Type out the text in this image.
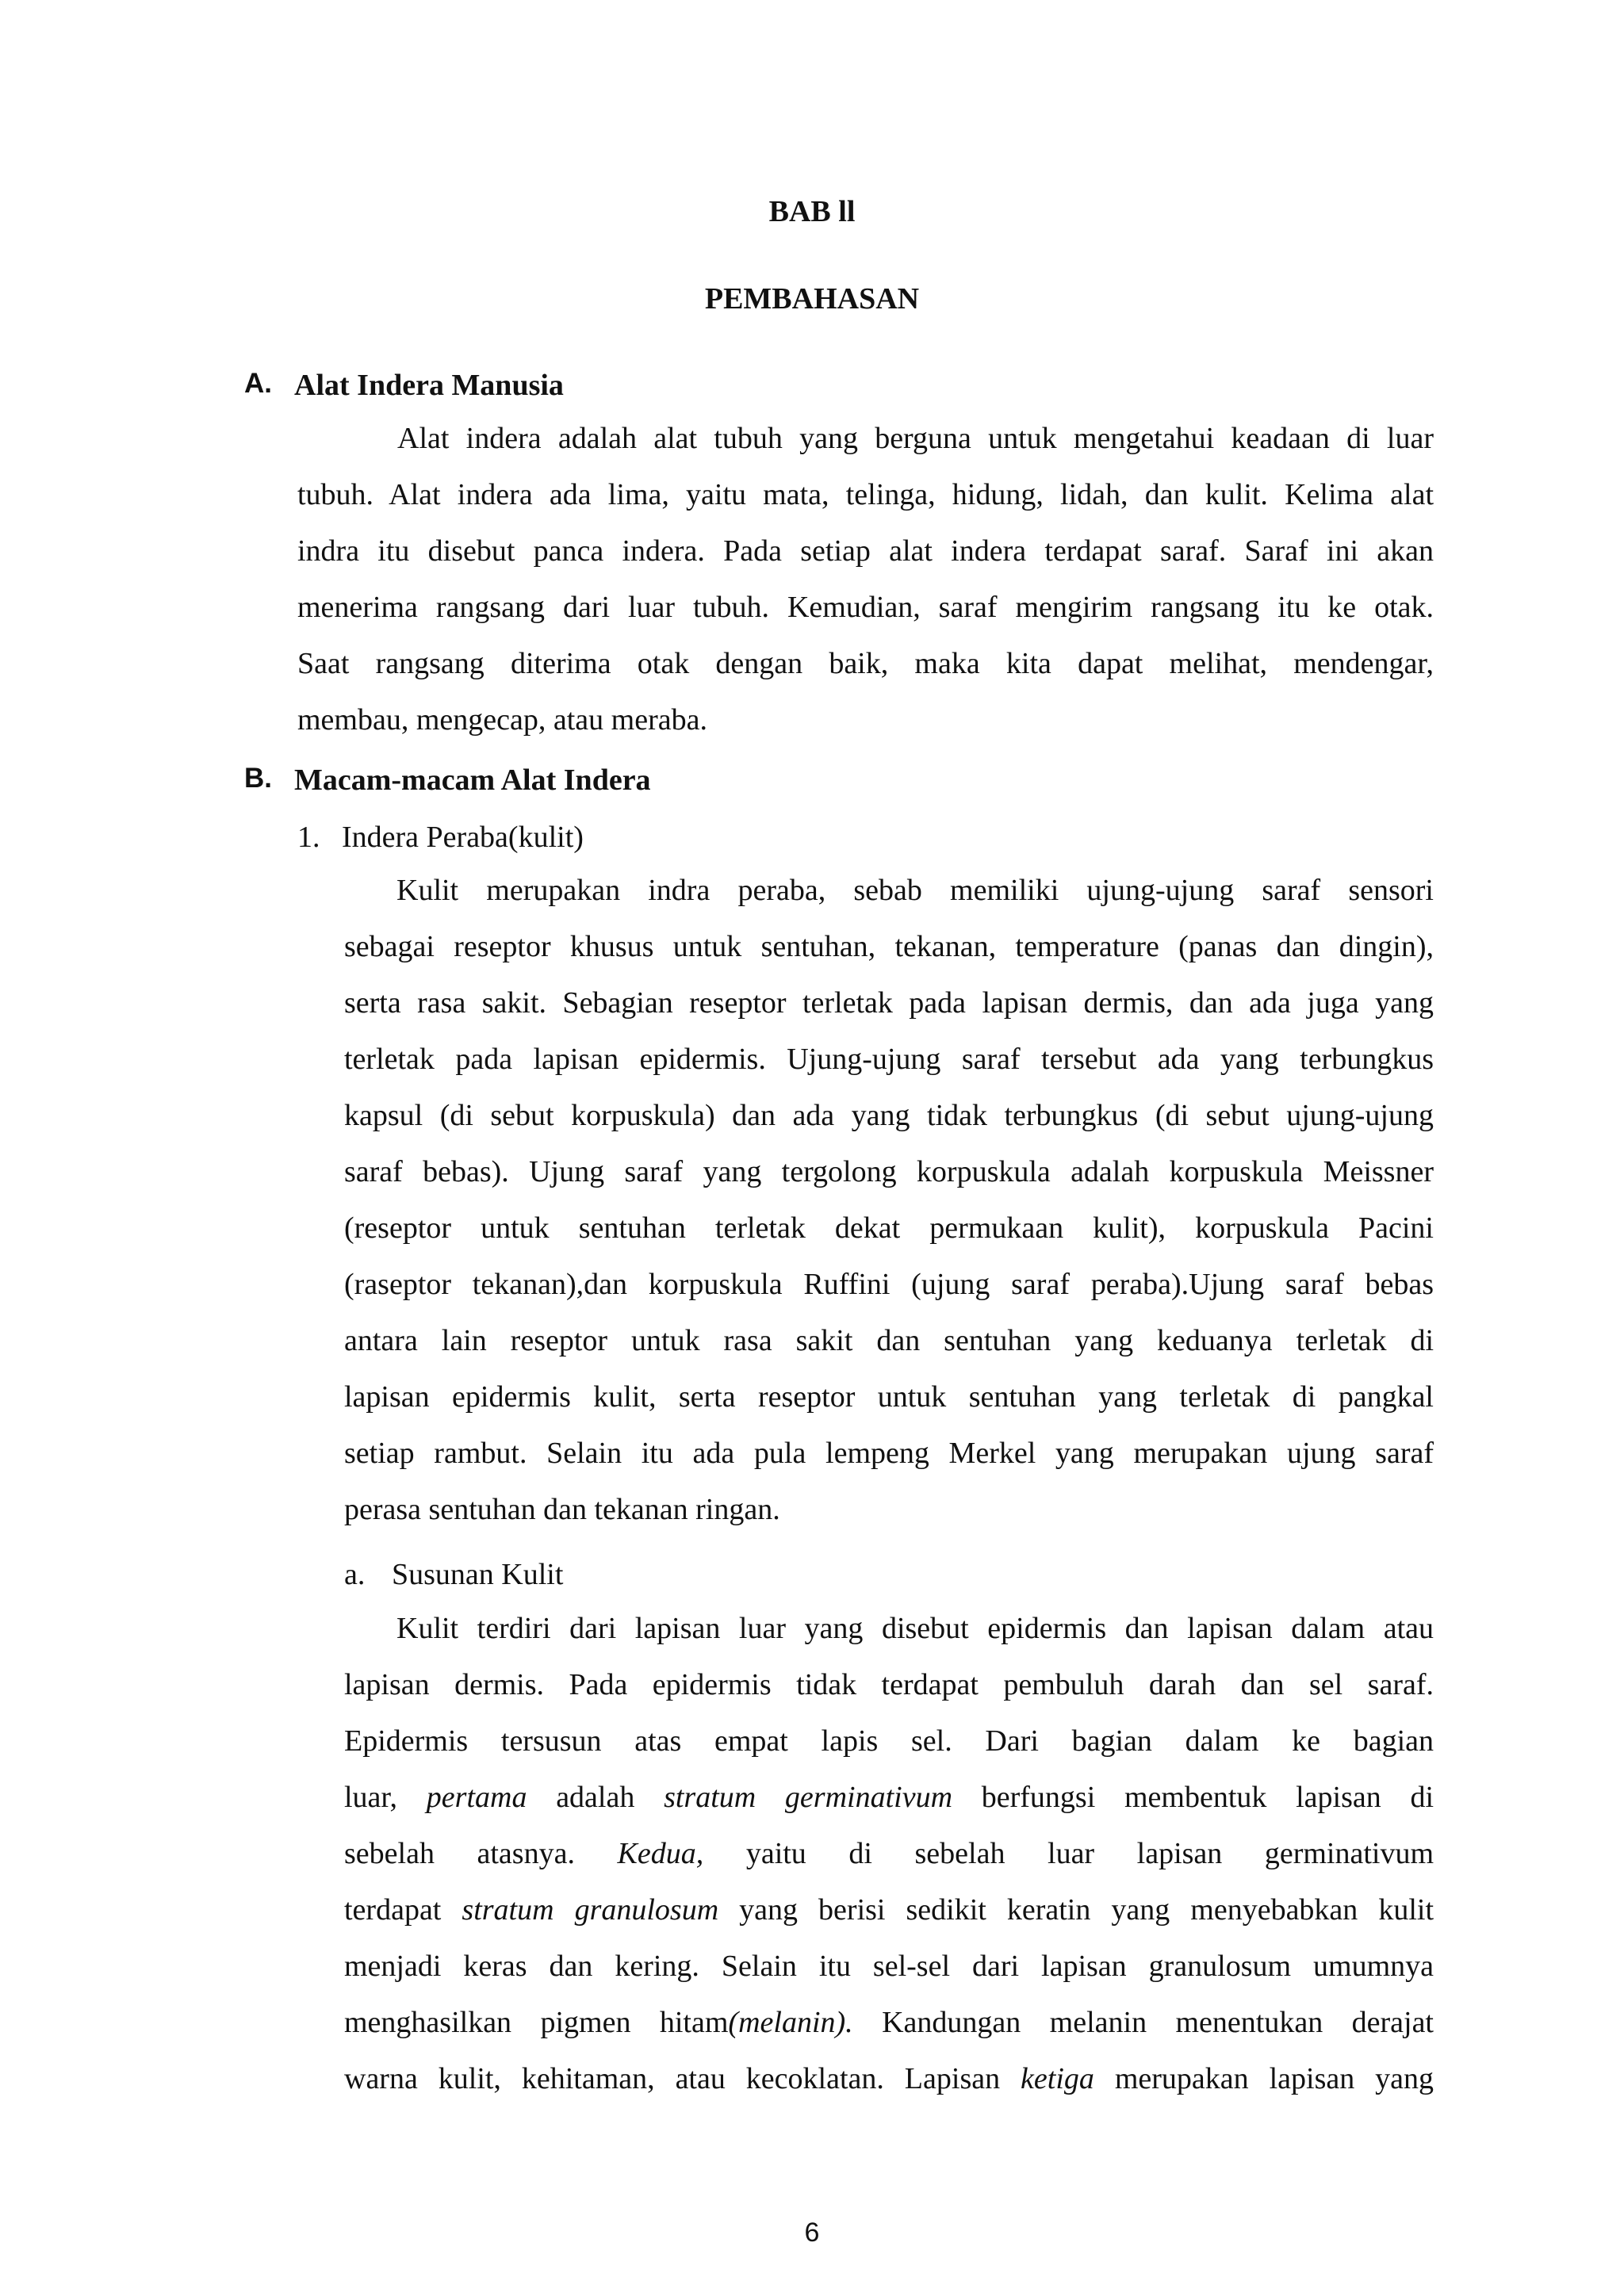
BAB ll
PEMBAHASAN
A. Alat Indera Manusia
Alat indera adalah alat tubuh yang berguna untuk mengetahui keadaan di luar
tubuh. Alat indera ada lima, yaitu mata, telinga, hidung, lidah, dan kulit. Kelima alat
indra itu disebut panca indera. Pada setiap alat indera terdapat saraf. Saraf ini akan
menerima rangsang dari luar tubuh. Kemudian, saraf mengirim rangsang itu ke otak.
Saat rangsang diterima otak dengan baik, maka kita dapat melihat, mendengar,
membau, mengecap, atau meraba.
B. Macam-macam Alat Indera
1. Indera Peraba(kulit)
Kulit merupakan indra peraba, sebab memiliki ujung-ujung saraf sensori
sebagai reseptor khusus untuk sentuhan, tekanan, temperature (panas dan dingin),
serta rasa sakit. Sebagian reseptor terletak pada lapisan dermis, dan ada juga yang
terletak pada lapisan epidermis. Ujung-ujung saraf tersebut ada yang terbungkus
kapsul (di sebut korpuskula) dan ada yang tidak terbungkus (di sebut ujung-ujung
saraf bebas). Ujung saraf yang tergolong korpuskula adalah korpuskula Meissner
(reseptor untuk sentuhan terletak dekat permukaan kulit), korpuskula Pacini
(raseptor tekanan),dan korpuskula Ruffini (ujung saraf peraba).Ujung saraf bebas
antara lain reseptor untuk rasa sakit dan sentuhan yang keduanya terletak di
lapisan epidermis kulit, serta reseptor untuk sentuhan yang terletak di pangkal
setiap rambut. Selain itu ada pula lempeng Merkel yang merupakan ujung saraf
perasa sentuhan dan tekanan ringan.
a. Susunan Kulit
Kulit terdiri dari lapisan luar yang disebut epidermis dan lapisan dalam atau
lapisan dermis. Pada epidermis tidak terdapat pembuluh darah dan sel saraf.
Epidermis tersusun atas empat lapis sel. Dari bagian dalam ke bagian
luar, pertama adalah stratum germinativum berfungsi membentuk lapisan di
sebelah atasnya. Kedua, yaitu di sebelah luar lapisan germinativum
terdapat stratum granulosum yang berisi sedikit keratin yang menyebabkan kulit
menjadi keras dan kering. Selain itu sel-sel dari lapisan granulosum umumnya
menghasilkan pigmen hitam(melanin). Kandungan melanin menentukan derajat
warna kulit, kehitaman, atau kecoklatan. Lapisan ketiga merupakan lapisan yang
6
